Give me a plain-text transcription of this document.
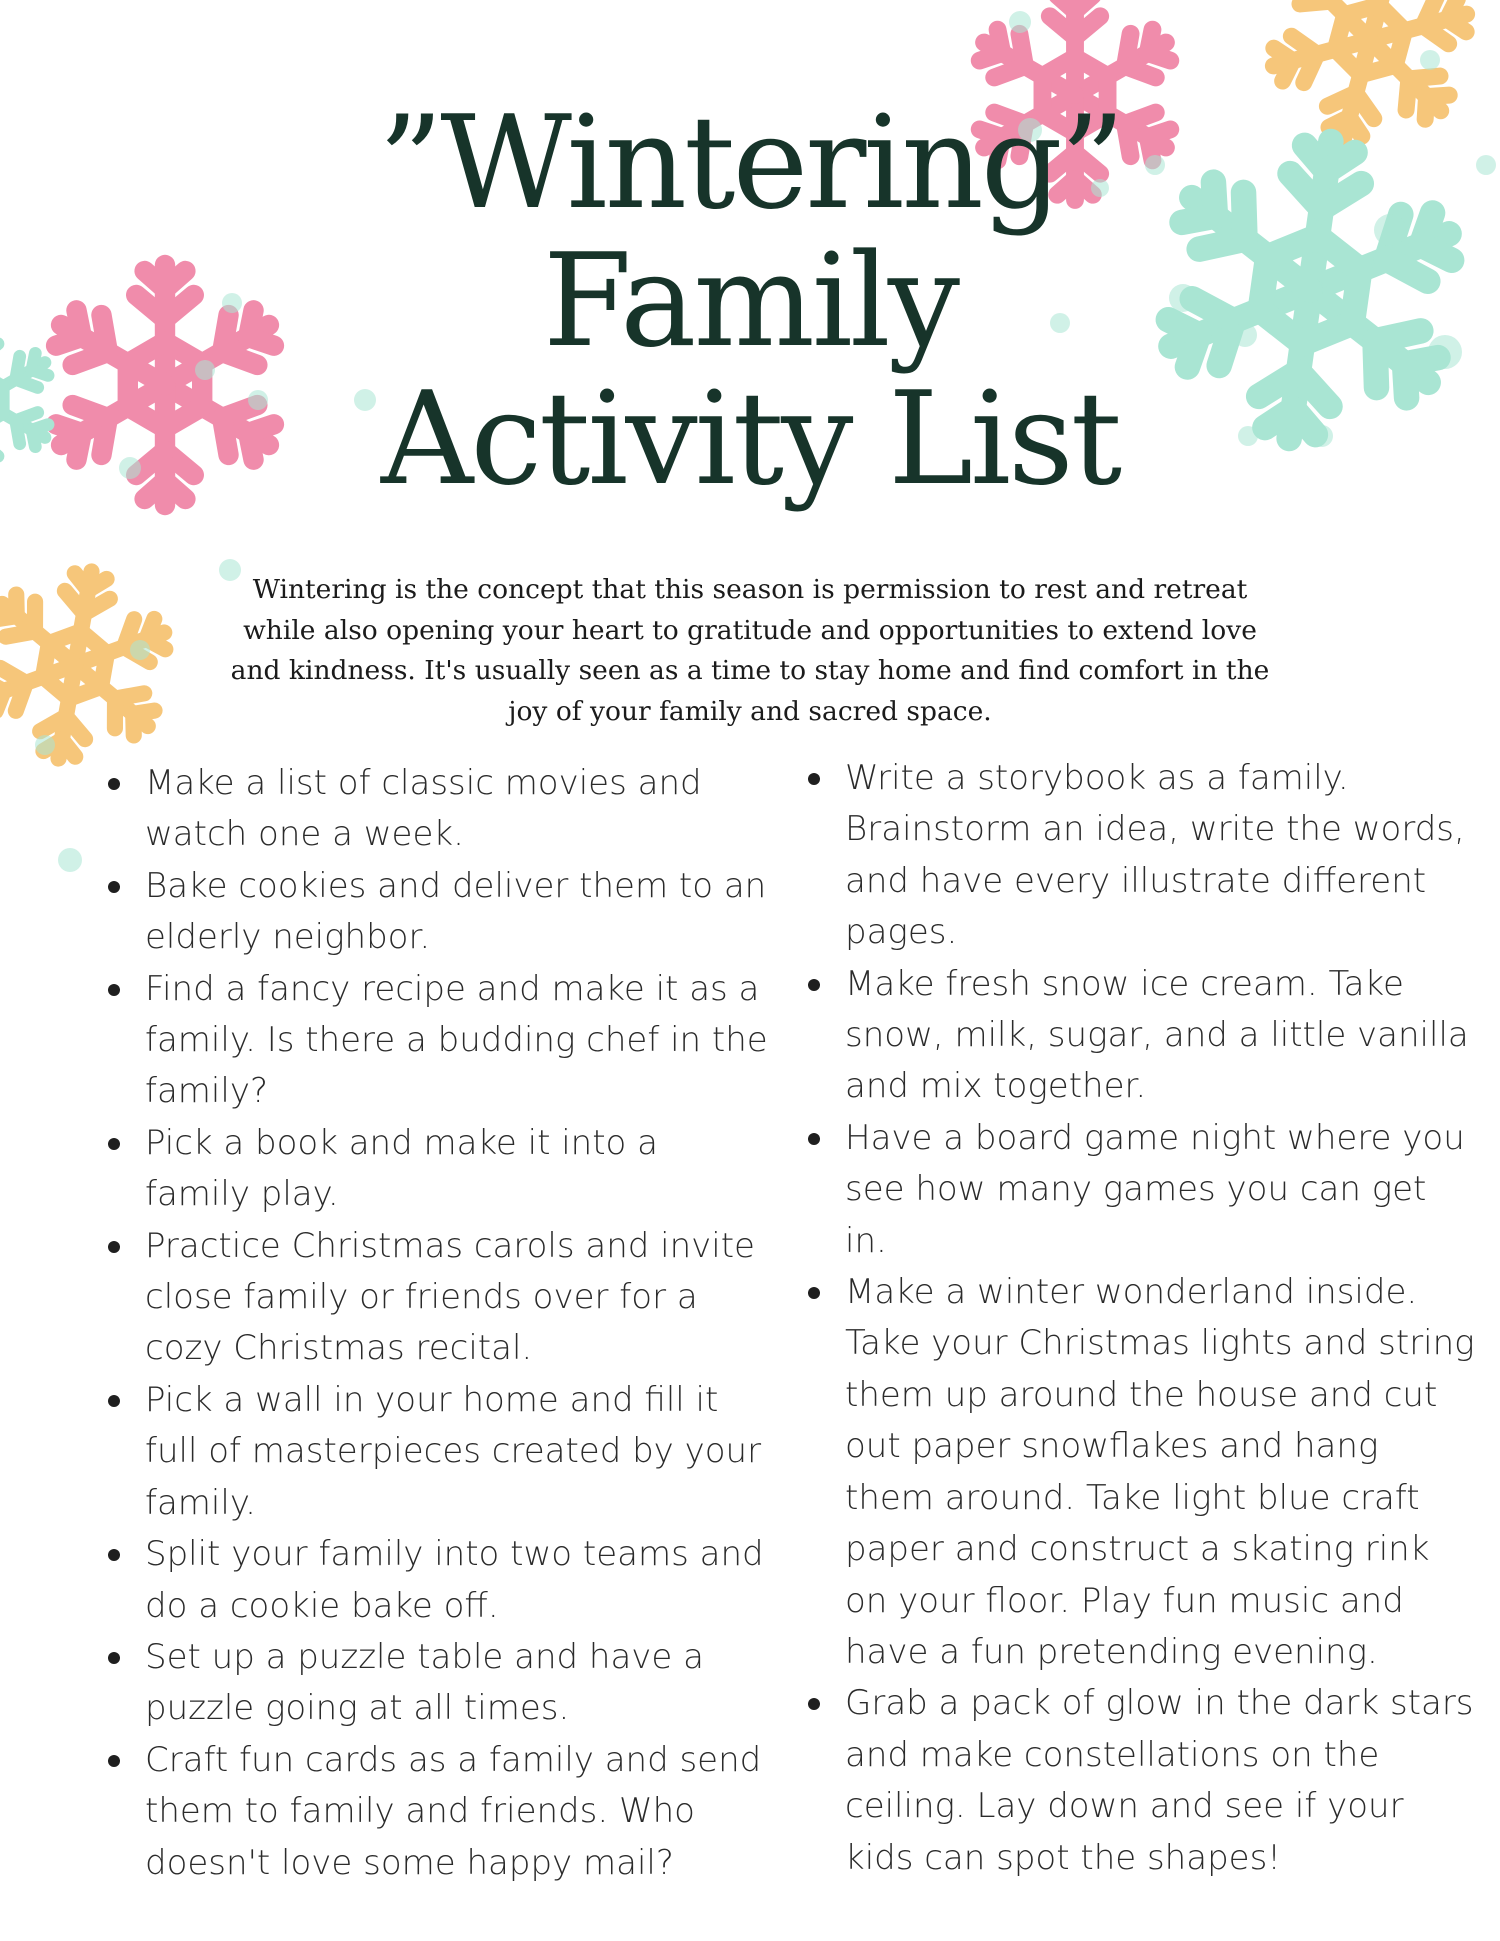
”Wintering”
Family
Activity List

Wintering is the concept that this season is permission to rest and retreat while also opening your heart to gratitude and opportunities to extend love and kindness. It's usually seen as a time to stay home and find comfort in the joy of your family and sacred space.

Make a list of classic movies and watch one a week.
Bake cookies and deliver them to an elderly neighbor.
Find a fancy recipe and make it as a family. Is there a budding chef in the family?
Pick a book and make it into a family play.
Practice Christmas carols and invite close family or friends over for a cozy Christmas recital.
Pick a wall in your home and fill it full of masterpieces created by your family.
Split your family into two teams and do a cookie bake off.
Set up a puzzle table and have a puzzle going at all times.
Craft fun cards as a family and send them to family and friends. Who doesn't love some happy mail?
Write a storybook as a family. Brainstorm an idea, write the words, and have every illustrate different pages.
Make fresh snow ice cream. Take snow, milk, sugar, and a little vanilla and mix together.
Have a board game night where you see how many games you can get in.
Make a winter wonderland inside. Take your Christmas lights and string them up around the house and cut out paper snowflakes and hang them around. Take light blue craft paper and construct a skating rink on your floor. Play fun music and have a fun pretending evening.
Grab a pack of glow in the dark stars and make constellations on the ceiling. Lay down and see if your kids can spot the shapes!
